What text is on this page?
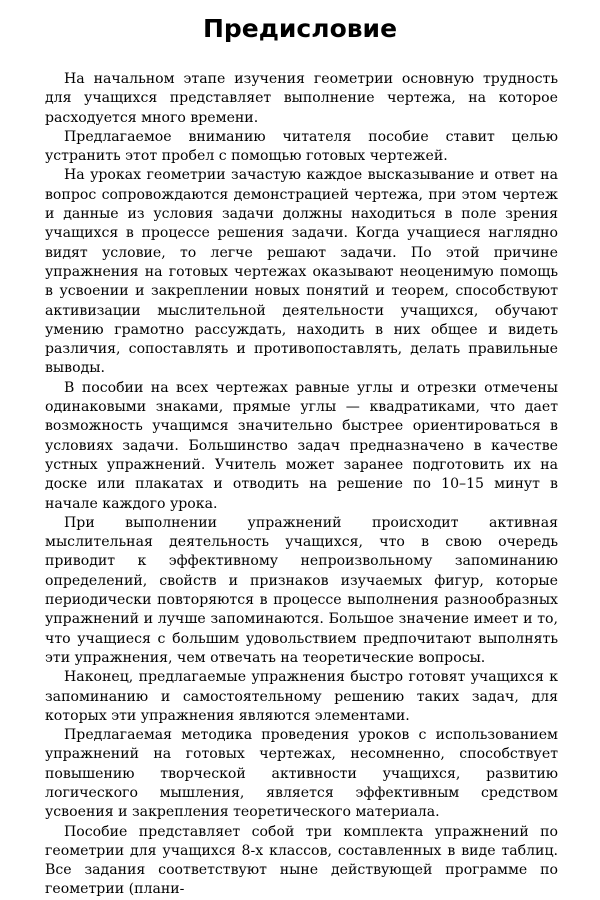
Предисловие

На начальном этапе изучения геометрии основную трудность для учащихся представляет выполнение чертежа, на которое расходуется много времени.

Предлагаемое вниманию читателя пособие ставит целью устранить этот пробел с помощью готовых чертежей.

На уроках геометрии зачастую каждое высказывание и ответ на вопрос сопровождаются демонстрацией чертежа, при этом чертеж и данные из условия задачи должны находиться в поле зрения учащихся в процессе решения задачи. Когда учащиеся наглядно видят условие, то легче решают задачи. По этой причине упражнения на готовых чертежах оказывают неоценимую помощь в усвоении и закреплении новых понятий и теорем, способствуют активизации мыслительной деятельности учащихся, обучают умению грамотно рассуждать, находить в них общее и видеть различия, сопоставлять и противопоставлять, делать правильные выводы.

В пособии на всех чертежах равные углы и отрезки отмечены одинаковыми знаками, прямые углы — квадратиками, что дает возможность учащимся значительно быстрее ориентироваться в условиях задачи. Большинство задач предназначено в качестве устных упражнений. Учитель может заранее подготовить их на доске или плакатах и отводить на решение по 10–15 минут в начале каждого урока.

При выполнении упражнений происходит активная мыслительная деятельность учащихся, что в свою очередь приводит к эффективному непроизвольному запоминанию определений, свойств и признаков изучаемых фигур, которые периодически повторяются в процессе выполнения разнообразных упражнений и лучше запоминаются. Большое значение имеет и то, что учащиеся с большим удовольствием предпочитают выполнять эти упражнения, чем отвечать на теоретические вопросы.

Наконец, предлагаемые упражнения быстро готовят учащихся к запоминанию и самостоятельному решению таких задач, для которых эти упражнения являются элементами.

Предлагаемая методика проведения уроков с использованием упражнений на готовых чертежах, несомненно, способствует повышению творческой активности учащихся, развитию логического мышления, является эффективным средством усвоения и закрепления теоретического материала.

Пособие представляет собой три комплекта упражнений по геометрии для учащихся 8-х классов, составленных в виде таблиц. Все задания соответствуют ныне действующей программе по геометрии (плани-
